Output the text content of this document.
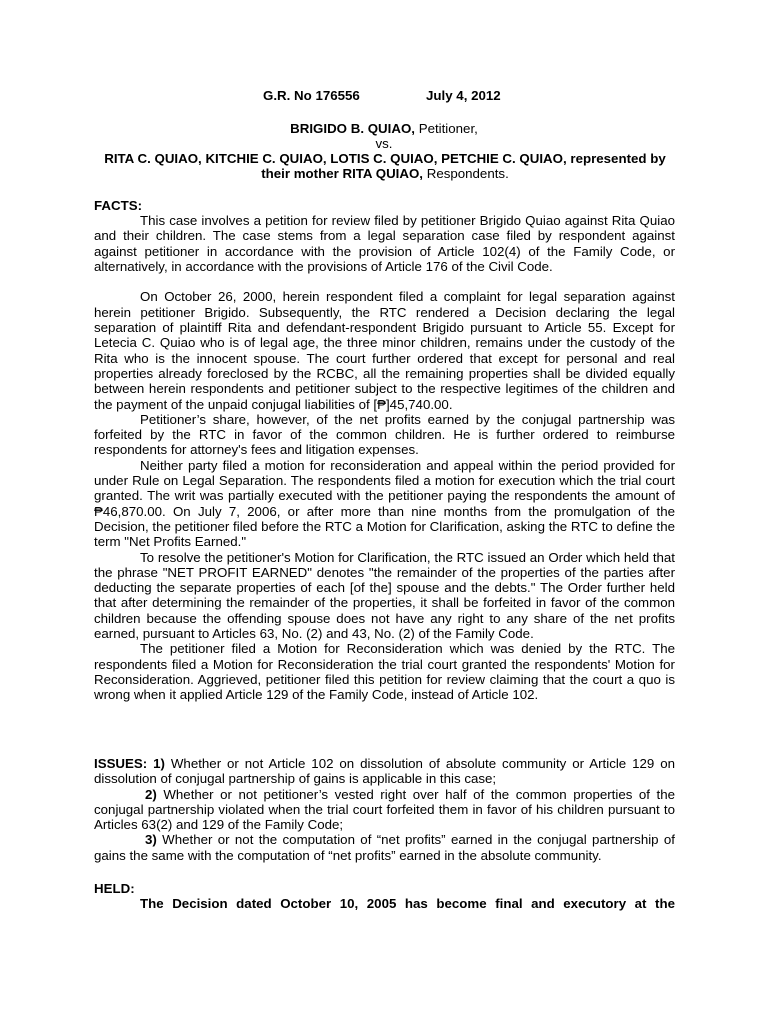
G.R. No 176556	July 4, 2012
BRIGIDO B. QUIAO, Petitioner,
vs.
RITA C. QUIAO, KITCHIE C. QUIAO, LOTIS C. QUIAO, PETCHIE C. QUIAO, represented by their mother RITA QUIAO, Respondents.
FACTS:

This case involves a petition for review filed by petitioner Brigido Quiao against Rita Quiao and their children. The case stems from a legal separation case filed by respondent against against petitioner in accordance with the provision of Article 102(4) of the Family Code, or alternatively, in accordance with the provisions of Article 176 of the Civil Code.

On October 26, 2000, herein respondent filed a complaint for legal separation against herein petitioner Brigido. Subsequently, the RTC rendered a Decision declaring the legal separation of plaintiff Rita and defendant-respondent Brigido pursuant to Article 55. Except for Letecia C. Quiao who is of legal age, the three minor children, remains under the custody of the Rita who is the innocent spouse. The court further ordered that except for personal and real properties already foreclosed by the RCBC, all the remaining properties shall be divided equally between herein respondents and petitioner subject to the respective legitimes of the children and the payment of the unpaid conjugal liabilities of [₱]45,740.00.

Petitioner’s share, however, of the net profits earned by the conjugal partnership was forfeited by the RTC in favor of the common children. He is further ordered to reimburse respondents for attorney's fees and litigation expenses.

Neither party filed a motion for reconsideration and appeal within the period provided for under Rule on Legal Separation. The respondents filed a motion for execution which the trial court granted. The writ was partially executed with the petitioner paying the respondents the amount of ₱46,870.00. On July 7, 2006, or after more than nine months from the promulgation of the Decision, the petitioner filed before the RTC a Motion for Clarification, asking the RTC to define the term "Net Profits Earned."

To resolve the petitioner's Motion for Clarification, the RTC issued an Order which held that the phrase "NET PROFIT EARNED" denotes "the remainder of the properties of the parties after deducting the separate properties of each [of the] spouse and the debts." The Order further held that after determining the remainder of the properties, it shall be forfeited in favor of the common children because the offending spouse does not have any right to any share of the net profits earned, pursuant to Articles 63, No. (2) and 43, No. (2) of the Family Code.

The petitioner filed a Motion for Reconsideration which was denied by the RTC. The respondents filed a Motion for Reconsideration the trial court granted the respondents' Motion for Reconsideration. Aggrieved, petitioner filed this petition for review claiming that the court a quo is wrong when it applied Article 129 of the Family Code, instead of Article 102.

ISSUES: 1) Whether or not Article 102 on dissolution of absolute community or Article 129 on dissolution of conjugal partnership of gains is applicable in this case;

2) Whether or not petitioner’s vested right over half of the common properties of the conjugal partnership violated when the trial court forfeited them in favor of his children pursuant to Articles 63(2) and 129 of the Family Code;

3) Whether or not the computation of “net profits” earned in the conjugal partnership of gains the same with the computation of “net profits” earned in the absolute community.

HELD:

The Decision dated October 10, 2005 has become final and executory at the
